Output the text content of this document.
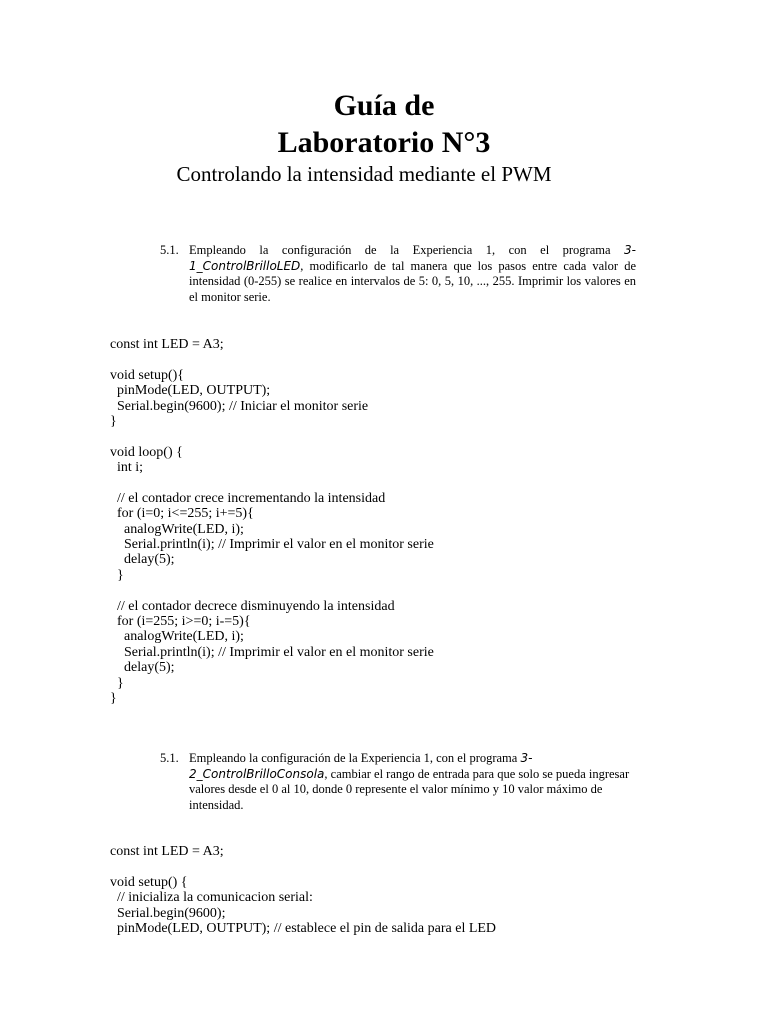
Guía de
Laboratorio N°3

Controlando la intensidad mediante el PWM

5.1. Empleando la configuración de la Experiencia 1, con el programa 3-1_ControlBrilloLED, modificarlo de tal manera que los pasos entre cada valor de intensidad (0-255) se realice en intervalos de 5: 0, 5, 10, ..., 255. Imprimir los valores en el monitor serie.
const int LED = A3;
void setup(){
pinMode(LED, OUTPUT);
Serial.begin(9600); // Iniciar el monitor serie
}
void loop() {
int i;
// el contador crece incrementando la intensidad
for (i=0; i<=255; i+=5){
analogWrite(LED, i);
Serial.println(i); // Imprimir el valor en el monitor serie
delay(5);
}
// el contador decrece disminuyendo la intensidad
for (i=255; i>=0; i-=5){
analogWrite(LED, i);
Serial.println(i); // Imprimir el valor en el monitor serie
delay(5);
}
}
5.1. Empleando la configuración de la Experiencia 1, con el programa 3-2_ControlBrilloConsola, cambiar el rango de entrada para que solo se pueda ingresar valores desde el 0 al 10, donde 0 represente el valor mínimo y 10 valor máximo de intensidad.
const int LED = A3;
void setup() {
// inicializa la comunicacion serial:
Serial.begin(9600);
pinMode(LED, OUTPUT); // establece el pin de salida para el LED
